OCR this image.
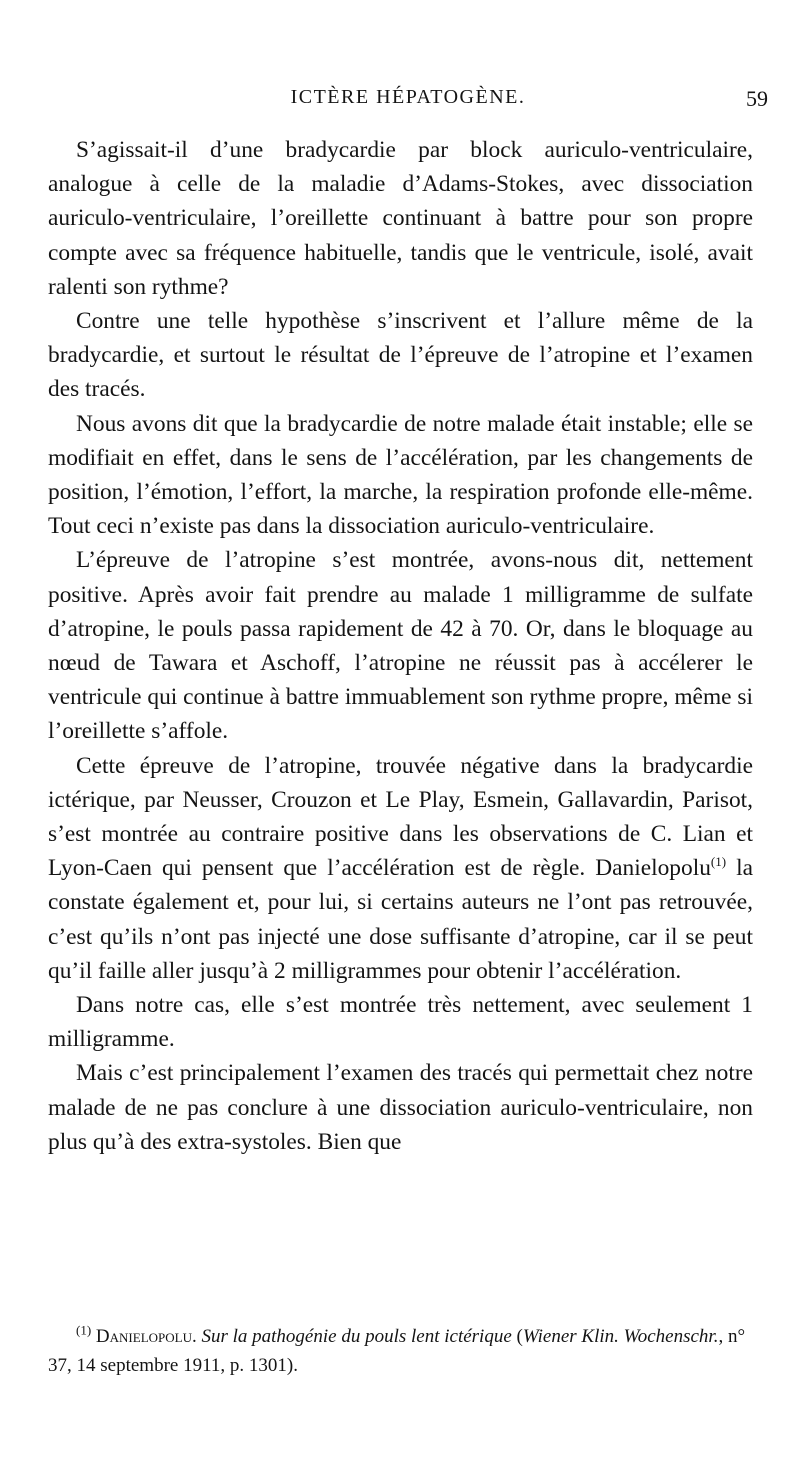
ICTÈRE HÉPATOGÈNE.	59

S’agissait-il d’une bradycardie par block auriculo-ventriculaire, analogue à celle de la maladie d’Adams-Stokes, avec dissociation auriculo-ventriculaire, l’oreillette continuant à battre pour son propre compte avec sa fréquence habituelle, tandis que le ventricule, isolé, avait ralenti son rythme?

Contre une telle hypothèse s’inscrivent et l’allure même de la bradycardie, et surtout le résultat de l’épreuve de l’atropine et l’examen des tracés.

Nous avons dit que la bradycardie de notre malade était instable; elle se modifiait en effet, dans le sens de l’accélération, par les changements de position, l’émotion, l’effort, la marche, la respiration profonde elle-même. Tout ceci n’existe pas dans la dissociation auriculo-ventriculaire.

L’épreuve de l’atropine s’est montrée, avons-nous dit, nettement positive. Après avoir fait prendre au malade 1 milligramme de sulfate d’atropine, le pouls passa rapidement de 42 à 70. Or, dans le bloquage au nœud de Tawara et Aschoff, l’atropine ne réussit pas à accélerer le ventricule qui continue à battre immuablement son rythme propre, même si l’oreillette s’affole.

Cette épreuve de l’atropine, trouvée négative dans la bradycardie ictérique, par Neusser, Crouzon et Le Play, Esmein, Gallavardin, Parisot, s’est montrée au contraire positive dans les observations de C. Lian et Lyon-Caen qui pensent que l’accélération est de règle. Danielopolu$^{(1)}$ la constate également et, pour lui, si certains auteurs ne l’ont pas retrouvée, c’est qu’ils n’ont pas injecté une dose suffisante d’atropine, car il se peut qu’il faille aller jusqu’à 2 milligrammes pour obtenir l’accélération.

Dans notre cas, elle s’est montrée très nettement, avec seulement 1 milligramme.

Mais c’est principalement l’examen des tracés qui permettait chez notre malade de ne pas conclure à une dissociation auriculo-ventriculaire, non plus qu’à des extra-systoles. Bien que

$^{(1)}$ Danielopolu. Sur la pathogénie du pouls lent ictérique (Wiener Klin. Wochenschr., n° 37, 14 septembre 1911, p. 1301).
